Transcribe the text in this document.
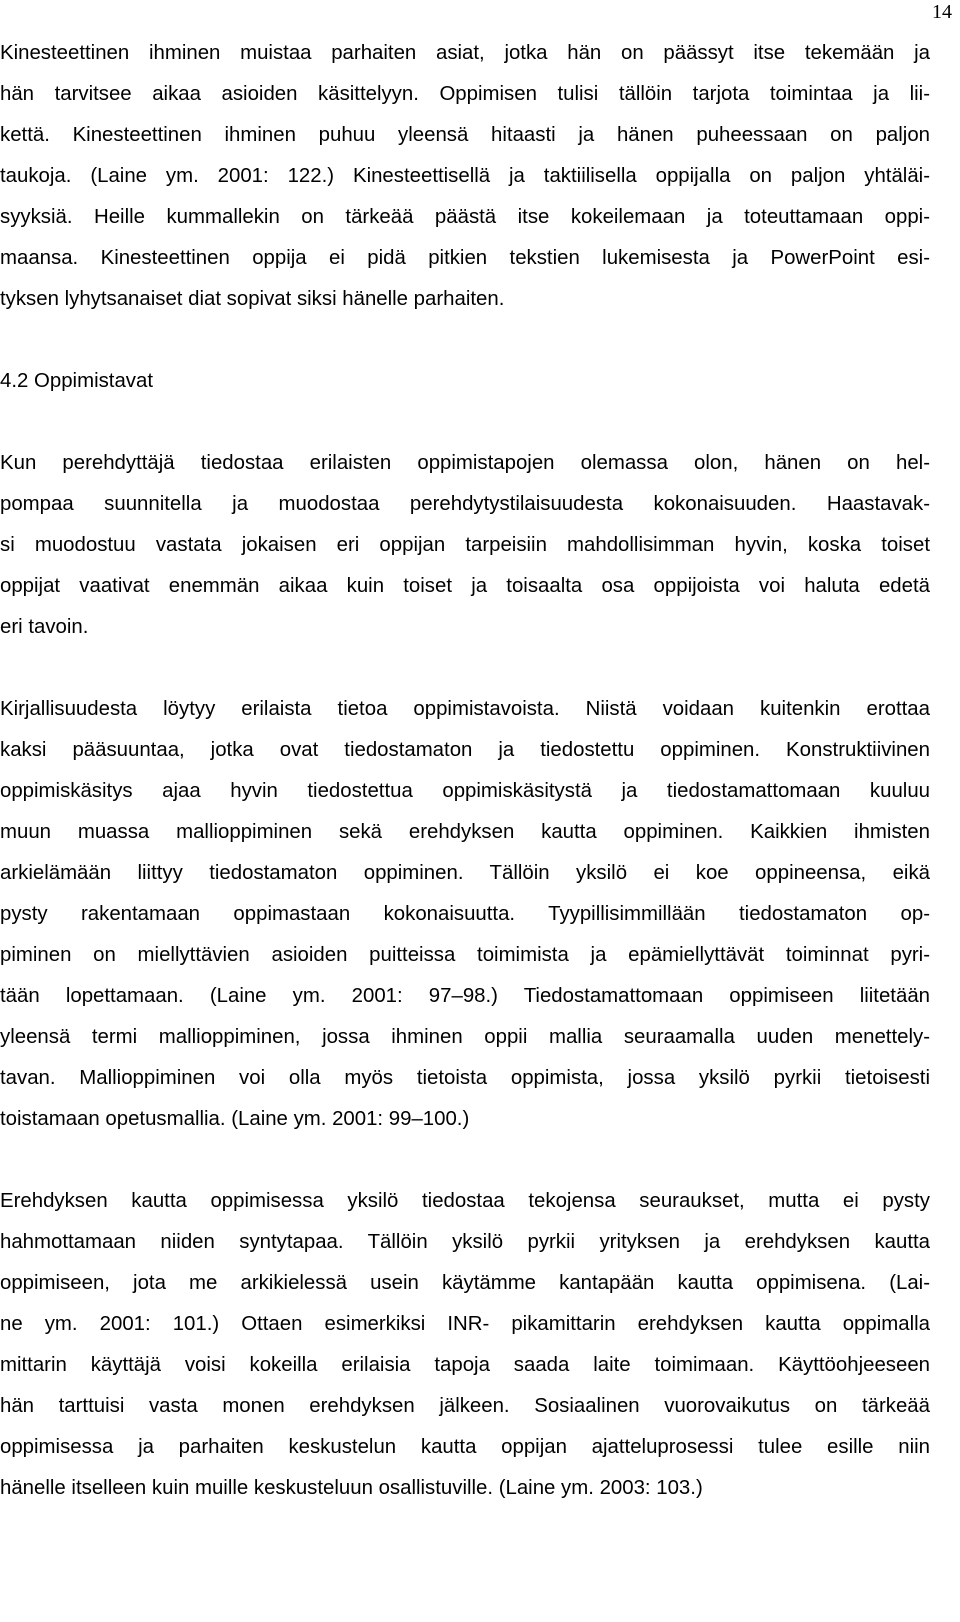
14
Kinesteettinen ihminen muistaa parhaiten asiat, jotka hän on päässyt itse tekemään ja
hän tarvitsee aikaa asioiden käsittelyyn. Oppimisen tulisi tällöin tarjota toimintaa ja lii-
kettä. Kinesteettinen ihminen puhuu yleensä hitaasti ja hänen puheessaan on paljon
taukoja. (Laine ym. 2001: 122.) Kinesteettisellä ja taktiilisella oppijalla on paljon yhtäläi-
syyksiä. Heille kummallekin on tärkeää päästä itse kokeilemaan ja toteuttamaan oppi-
maansa. Kinesteettinen oppija ei pidä pitkien tekstien lukemisesta ja PowerPoint esi-
tyksen lyhytsanaiset diat sopivat siksi hänelle parhaiten.
4.2 Oppimistavat
Kun perehdyttäjä tiedostaa erilaisten oppimistapojen olemassa olon, hänen on hel-
pompaa suunnitella ja muodostaa perehdytystilaisuudesta kokonaisuuden. Haastavak-
si muodostuu vastata jokaisen eri oppijan tarpeisiin mahdollisimman hyvin, koska toiset
oppijat vaativat enemmän aikaa kuin toiset ja toisaalta osa oppijoista voi haluta edetä
eri tavoin.
Kirjallisuudesta löytyy erilaista tietoa oppimistavoista. Niistä voidaan kuitenkin erottaa
kaksi pääsuuntaa, jotka ovat tiedostamaton ja tiedostettu oppiminen. Konstruktiivinen
oppimiskäsitys ajaa hyvin tiedostettua oppimiskäsitystä ja tiedostamattomaan kuuluu
muun muassa mallioppiminen sekä erehdyksen kautta oppiminen. Kaikkien ihmisten
arkielämään liittyy tiedostamaton oppiminen. Tällöin yksilö ei koe oppineensa, eikä
pysty rakentamaan oppimastaan kokonaisuutta. Tyypillisimmillään tiedostamaton op-
piminen on miellyttävien asioiden puitteissa toimimista ja epämiellyttävät toiminnat pyri-
tään lopettamaan. (Laine ym. 2001: 97–98.) Tiedostamattomaan oppimiseen liitetään
yleensä termi mallioppiminen, jossa ihminen oppii mallia seuraamalla uuden menettely-
tavan. Mallioppiminen voi olla myös tietoista oppimista, jossa yksilö pyrkii tietoisesti
toistamaan opetusmallia. (Laine ym. 2001: 99–100.)
Erehdyksen kautta oppimisessa yksilö tiedostaa tekojensa seuraukset, mutta ei pysty
hahmottamaan niiden syntytapaa. Tällöin yksilö pyrkii yrityksen ja erehdyksen kautta
oppimiseen, jota me arkikielessä usein käytämme kantapään kautta oppimisena. (Lai-
ne ym. 2001: 101.) Ottaen esimerkiksi INR- pikamittarin erehdyksen kautta oppimalla
mittarin käyttäjä voisi kokeilla erilaisia tapoja saada laite toimimaan. Käyttöohjeeseen
hän tarttuisi vasta monen erehdyksen jälkeen. Sosiaalinen vuorovaikutus on tärkeää
oppimisessa ja parhaiten keskustelun kautta oppijan ajatteluprosessi tulee esille niin
hänelle itselleen kuin muille keskusteluun osallistuville. (Laine ym. 2003: 103.)
